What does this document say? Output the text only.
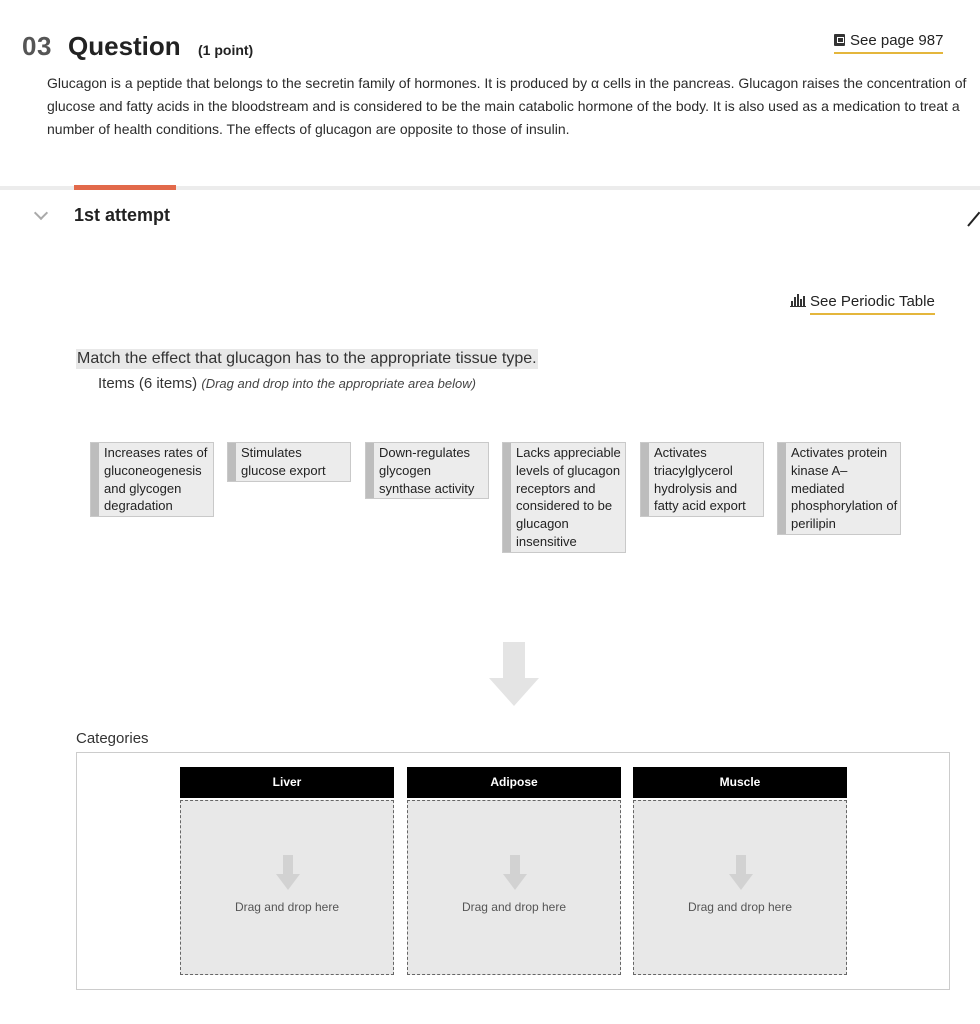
03 Question (1 point)
See page 987
Glucagon is a peptide that belongs to the secretin family of hormones. It is produced by α cells in the pancreas. Glucagon raises the concentration of glucose and fatty acids in the bloodstream and is considered to be the main catabolic hormone of the body. It is also used as a medication to treat a number of health conditions. The effects of glucagon are opposite to those of insulin.
1st attempt
See Periodic Table
Match the effect that glucagon has to the appropriate tissue type.
Items (6 items) (Drag and drop into the appropriate area below)
Increases rates of gluconeogenesis and glycogen degradation
Stimulates glucose export
Down-regulates glycogen synthase activity
Lacks appreciable levels of glucagon receptors and considered to be glucagon insensitive
Activates triacylglycerol hydrolysis and fatty acid export
Activates protein kinase A–mediated phosphorylation of perilipin
Categories
Liver
Drag and drop here
Adipose
Drag and drop here
Muscle
Drag and drop here
